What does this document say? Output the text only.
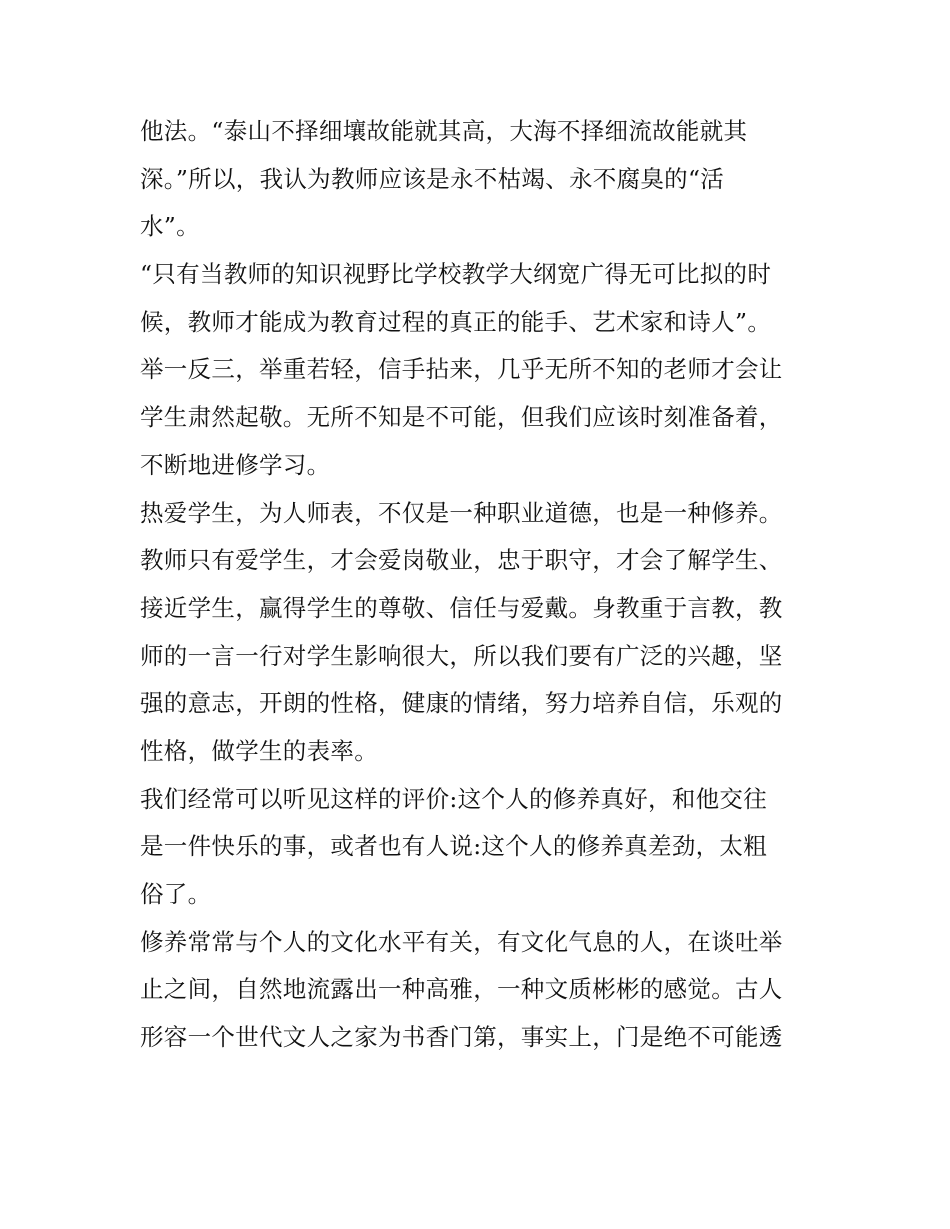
他法。“泰山不择细壤故能就其高，大海不择细流故能就其
深。”所以，我认为教师应该是永不枯竭、永不腐臭的“活
水”。
“只有当教师的知识视野比学校教学大纲宽广得无可比拟的时
候，教师才能成为教育过程的真正的能手、艺术家和诗人”。
举一反三，举重若轻，信手拈来，几乎无所不知的老师才会让
学生肃然起敬。无所不知是不可能，但我们应该时刻准备着，
不断地进修学习。
热爱学生，为人师表，不仅是一种职业道德，也是一种修养。
教师只有爱学生，才会爱岗敬业，忠于职守，才会了解学生、
接近学生，赢得学生的尊敬、信任与爱戴。身教重于言教，教
师的一言一行对学生影响很大，所以我们要有广泛的兴趣，坚
强的意志，开朗的性格，健康的情绪，努力培养自信，乐观的
性格，做学生的表率。
我们经常可以听见这样的评价:这个人的修养真好，和他交往
是一件快乐的事，或者也有人说:这个人的修养真差劲，太粗
俗了。
修养常常与个人的文化水平有关，有文化气息的人，在谈吐举
止之间，自然地流露出一种高雅，一种文质彬彬的感觉。古人
形容一个世代文人之家为书香门第，事实上，门是绝不可能透
